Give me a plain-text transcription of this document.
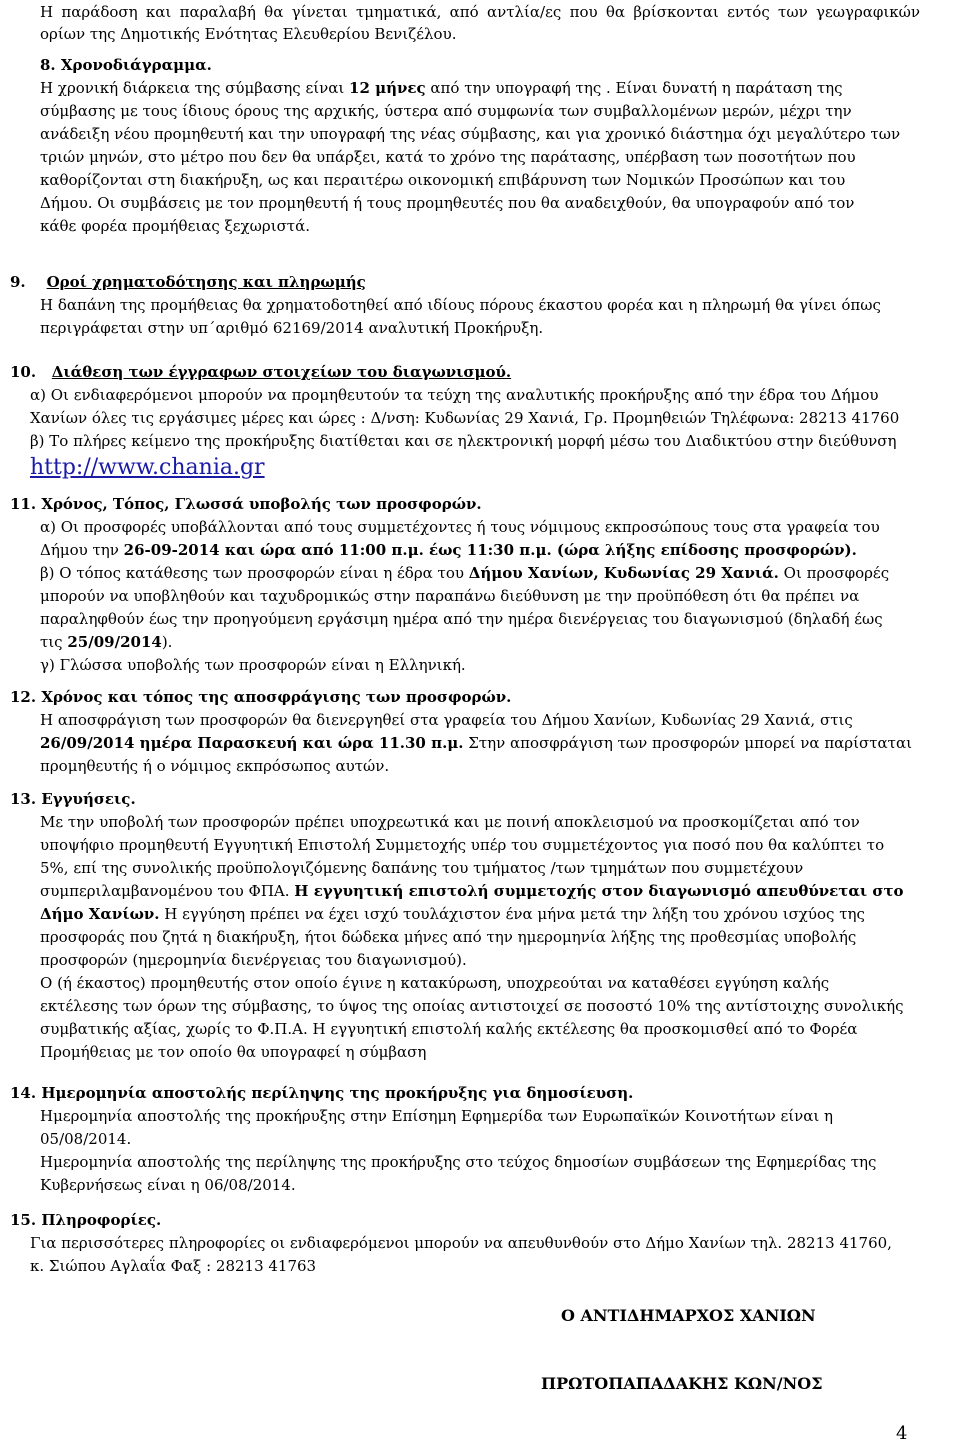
Η παράδοση και παραλαβή θα γίνεται τμηματικά, από αντλία/ες που θα βρίσκονται εντός των γεωγραφικών
ορίων της Δημοτικής Ενότητας Ελευθερίου Βενιζέλου.
8. Χρονοδιάγραμμα.
Η χρονική διάρκεια της σύμβασης είναι 12 μήνες από την υπογραφή της . Είναι δυνατή η παράταση της
σύμβασης με τους ίδιους όρους της αρχικής, ύστερα από συμφωνία των συμβαλλομένων μερών, μέχρι την
ανάδειξη νέου προμηθευτή και την υπογραφή της νέας σύμβασης, και για χρονικό διάστημα όχι μεγαλύτερο των
τριών μηνών, στο μέτρο που δεν θα υπάρξει, κατά το χρόνο της παράτασης, υπέρβαση των ποσοτήτων που
καθορίζονται στη διακήρυξη, ως και περαιτέρω οικονομική επιβάρυνση των Νομικών Προσώπων και του
Δήμου. Οι συμβάσεις με τον προμηθευτή ή τους προμηθευτές που θα αναδειχθούν, θα υπογραφούν από τον
κάθε φορέα προμήθειας ξεχωριστά.
9. Οροί χρηματοδότησης και πληρωμής
Η δαπάνη της προμήθειας θα χρηματοδοτηθεί από ιδίους πόρους έκαστου φορέα και η πληρωμή θα γίνει όπως
περιγράφεται στην υπ΄αριθμό 62169/2014 αναλυτική Προκήρυξη.
10. Διάθεση των έγγραφων στοιχείων του διαγωνισμού.
α) Οι ενδιαφερόμενοι μπορούν να προμηθευτούν τα τεύχη της αναλυτικής προκήρυξης από την έδρα του Δήμου
Χανίων όλες τις εργάσιμες μέρες και ώρες : Δ/νση: Κυδωνίας 29 Χανιά, Γρ. Προμηθειών Τηλέφωνα: 28213 41760
β) Το πλήρες κείμενο της προκήρυξης διατίθεται και σε ηλεκτρονική μορφή μέσω του Διαδικτύου στην διεύθυνση
http://www.chania.gr
11. Χρόνος, Τόπος, Γλωσσά υποβολής των προσφορών.
α) Οι προσφορές υποβάλλονται από τους συμμετέχοντες ή τους νόμιμους εκπροσώπους τους στα γραφεία του
Δήμου την 26-09-2014 και ώρα από 11:00 π.μ. έως 11:30 π.μ. (ώρα λήξης επίδοσης προσφορών).
β) Ο τόπος κατάθεσης των προσφορών είναι η έδρα του Δήμου Χανίων, Κυδωνίας 29 Χανιά. Οι προσφορές
μπορούν να υποβληθούν και ταχυδρομικώς στην παραπάνω διεύθυνση με την προϋπόθεση ότι θα πρέπει να
παραληφθούν έως την προηγούμενη εργάσιμη ημέρα από την ημέρα διενέργειας του διαγωνισμού (δηλαδή έως
τις 25/09/2014).
γ) Γλώσσα υποβολής των προσφορών είναι η Ελληνική.
12. Χρόνος και τόπος της αποσφράγισης των προσφορών.
Η αποσφράγιση των προσφορών θα διενεργηθεί στα γραφεία του Δήμου Χανίων, Κυδωνίας 29 Χανιά, στις
26/09/2014 ημέρα Παρασκευή και ώρα 11.30 π.μ. Στην αποσφράγιση των προσφορών μπορεί να παρίσταται
προμηθευτής ή ο νόμιμος εκπρόσωπος αυτών.
13. Εγγυήσεις.
Με την υποβολή των προσφορών πρέπει υποχρεωτικά και με ποινή αποκλεισμού να προσκομίζεται από τον
υποψήφιο προμηθευτή Εγγυητική Επιστολή Συμμετοχής υπέρ του συμμετέχοντος για ποσό που θα καλύπτει το
5%, επί της συνολικής προϋπολογιζόμενης δαπάνης του τμήματος /των τμημάτων που συμμετέχουν
συμπεριλαμβανομένου του ΦΠΑ. Η εγγυητική επιστολή συμμετοχής στον διαγωνισμό απευθύνεται στο
Δήμο Χανίων. Η εγγύηση πρέπει να έχει ισχύ τουλάχιστον ένα μήνα μετά την λήξη του χρόνου ισχύος της
προσφοράς που ζητά η διακήρυξη, ήτοι δώδεκα μήνες από την ημερομηνία λήξης της προθεσμίας υποβολής
προσφορών (ημερομηνία διενέργειας του διαγωνισμού).
Ο (ή έκαστος) προμηθευτής στον οποίο έγινε η κατακύρωση, υποχρεούται να καταθέσει εγγύηση καλής
εκτέλεσης των όρων της σύμβασης, το ύψος της οποίας αντιστοιχεί σε ποσοστό 10% της αντίστοιχης συνολικής
συμβατικής αξίας, χωρίς το Φ.Π.Α. Η εγγυητική επιστολή καλής εκτέλεσης θα προσκομισθεί από το Φορέα
Προμήθειας με τον οποίο θα υπογραφεί η σύμβαση
14. Ημερομηνία αποστολής περίληψης της προκήρυξης για δημοσίευση.
Ημερομηνία αποστολής της προκήρυξης στην Επίσημη Εφημερίδα των Ευρωπαϊκών Κοινοτήτων είναι η
05/08/2014.
Ημερομηνία αποστολής της περίληψης της προκήρυξης στο τεύχος δημοσίων συμβάσεων της Εφημερίδας της
Κυβερνήσεως είναι η 06/08/2014.
15. Πληροφορίες.
Για περισσότερες πληροφορίες οι ενδιαφερόμενοι μπορούν να απευθυνθούν στο Δήμο Χανίων τηλ. 28213 41760,
κ. Σιώπου Αγλαΐα Φαξ : 28213 41763
Ο ΑΝΤΙΔΗΜΑΡΧΟΣ ΧΑΝΙΩΝ
ΠΡΩΤΟΠΑΠΑΔΑΚΗΣ ΚΩΝ/ΝΟΣ
4
